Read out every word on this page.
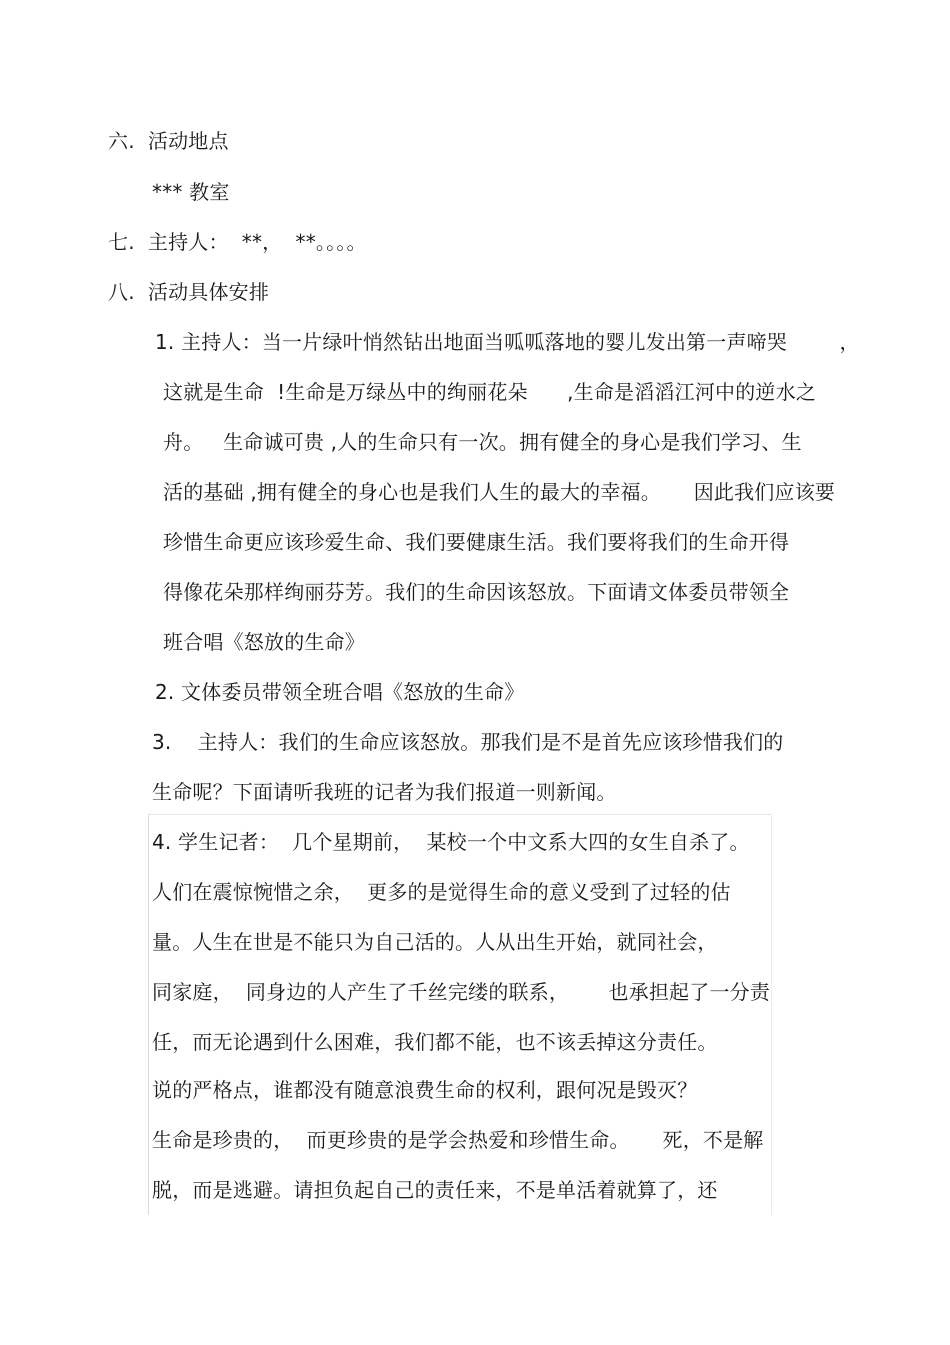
六.  活动地点
*** 教室
七.  主持人：  **，  **。。。。
八.  活动具体安排
1. 主持人：当一片绿叶悄然钻出地面当呱呱落地的婴儿发出第一声啼哭        ，
这就是生命  !生命是万绿丛中的绚丽花朵      ,生命是滔滔江河中的逆水之
舟。   生命诚可贵 ,人的生命只有一次。拥有健全的身心是我们学习、生
活的基础 ,拥有健全的身心也是我们人生的最大的幸福。     因此我们应该要
珍惜生命更应该珍爱生命、我们要健康生活。我们要将我们的生命开得
得像花朵那样绚丽芬芳。我们的生命因该怒放。下面请文体委员带领全
班合唱《怒放的生命》
2. 文体委员带领全班合唱《怒放的生命》
3.    主持人：我们的生命应该怒放。那我们是不是首先应该珍惜我们的
生命呢？下面请听我班的记者为我们报道一则新闻。
4. 学生记者：  几个星期前，  某校一个中文系大四的女生自杀了。
人们在震惊惋惜之余，  更多的是觉得生命的意义受到了过轻的估
量。人生在世是不能只为自己活的。人从出生开始，就同社会，
同家庭，  同身边的人产生了千丝完缕的联系，      也承担起了一分责
任，而无论遇到什么困难，我们都不能，也不该丢掉这分责任。
说的严格点，谁都没有随意浪费生命的权利，跟何况是毁灭？
生命是珍贵的，  而更珍贵的是学会热爱和珍惜生命。     死，不是解
脱，而是逃避。请担负起自己的责任来，不是单活着就算了，还
